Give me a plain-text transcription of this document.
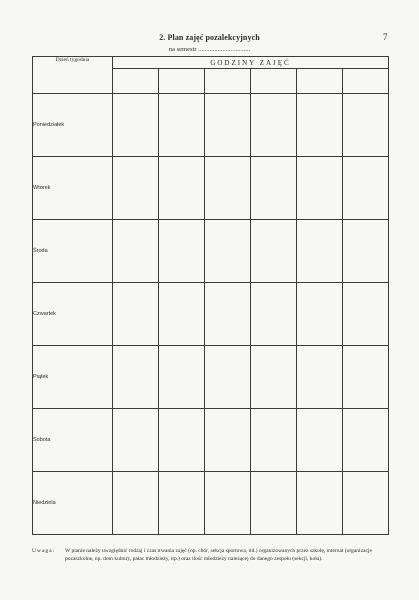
7
2. Plan zajęć pozalekcyjnych
na semestr ................................
Dzień tygodnia	GODZINY ZAJĘĆ					

Poniedziałek						
Wtorek						
Środa						
Czwartek						
Piątek						
Sobota						
Niedziela						
Uwaga: W planie należy uwzględnić rodzaj i czas trwania zajęć (np. chór, sekcja sportowa, itd.) organizowanych przez szkołę, internat (organizacje pozaszkolne, np. dom kultury, pałac młodzieży, itp.) oraz ilość młodzieży należącej do danego zespołu (sekcji, koła).
